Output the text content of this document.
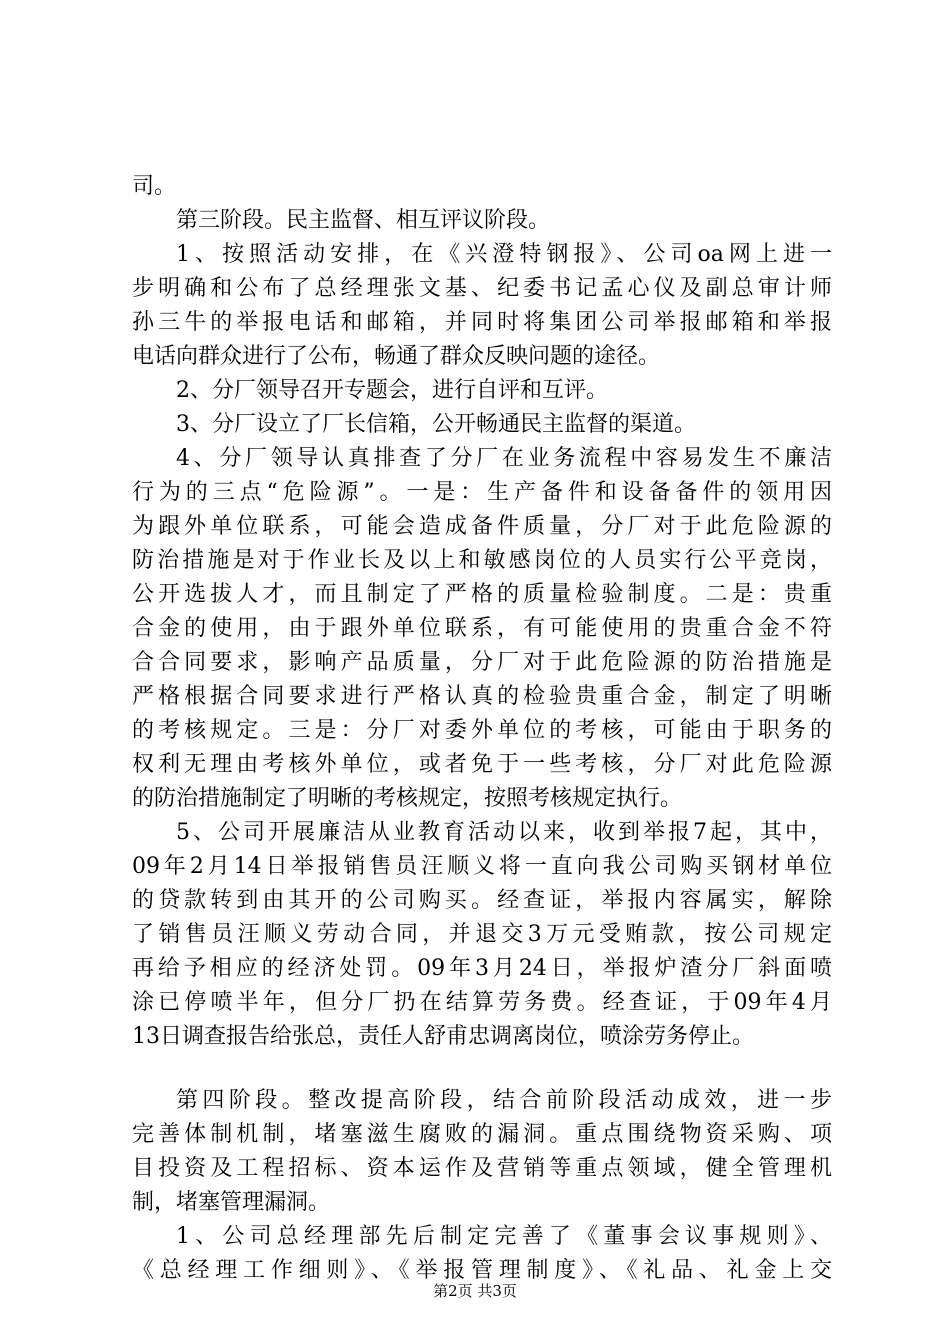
司。
第三阶段。民主监督、相互评议阶段。
1、按照活动安排，在《兴澄特钢报》、公司oa网上进一
步明确和公布了总经理张文基、纪委书记孟心仪及副总审计师
孙三牛的举报电话和邮箱，并同时将集团公司举报邮箱和举报
电话向群众进行了公布，畅通了群众反映问题的途径。
2、分厂领导召开专题会，进行自评和互评。
3、分厂设立了厂长信箱，公开畅通民主监督的渠道。
4、分厂领导认真排查了分厂在业务流程中容易发生不廉洁
行为的三点“危险源”。一是：生产备件和设备备件的领用因
为跟外单位联系，可能会造成备件质量，分厂对于此危险源的
防治措施是对于作业长及以上和敏感岗位的人员实行公平竞岗，
公开选拔人才，而且制定了严格的质量检验制度。二是：贵重
合金的使用，由于跟外单位联系，有可能使用的贵重合金不符
合合同要求，影响产品质量，分厂对于此危险源的防治措施是
严格根据合同要求进行严格认真的检验贵重合金，制定了明晰
的考核规定。三是：分厂对委外单位的考核，可能由于职务的
权利无理由考核外单位，或者免于一些考核，分厂对此危险源
的防治措施制定了明晰的考核规定，按照考核规定执行。
5、公司开展廉洁从业教育活动以来，收到举报7起，其中，
09年2月14日举报销售员汪顺义将一直向我公司购买钢材单位
的贷款转到由其开的公司购买。经查证，举报内容属实，解除
了销售员汪顺义劳动合同，并退交3万元受贿款，按公司规定
再给予相应的经济处罚。09年3月24日，举报炉渣分厂斜面喷
涂已停喷半年，但分厂扔在结算劳务费。经查证，于09年4月
13日调查报告给张总，责任人舒甫忠调离岗位，喷涂劳务停止。
第四阶段。整改提高阶段，结合前阶段活动成效，进一步
完善体制机制，堵塞滋生腐败的漏洞。重点围绕物资采购、项
目投资及工程招标、资本运作及营销等重点领域，健全管理机
制，堵塞管理漏洞。
1、公司总经理部先后制定完善了《董事会议事规则》、
《总经理工作细则》、《举报管理制度》、《礼品、礼金上交
第2页 共3页
